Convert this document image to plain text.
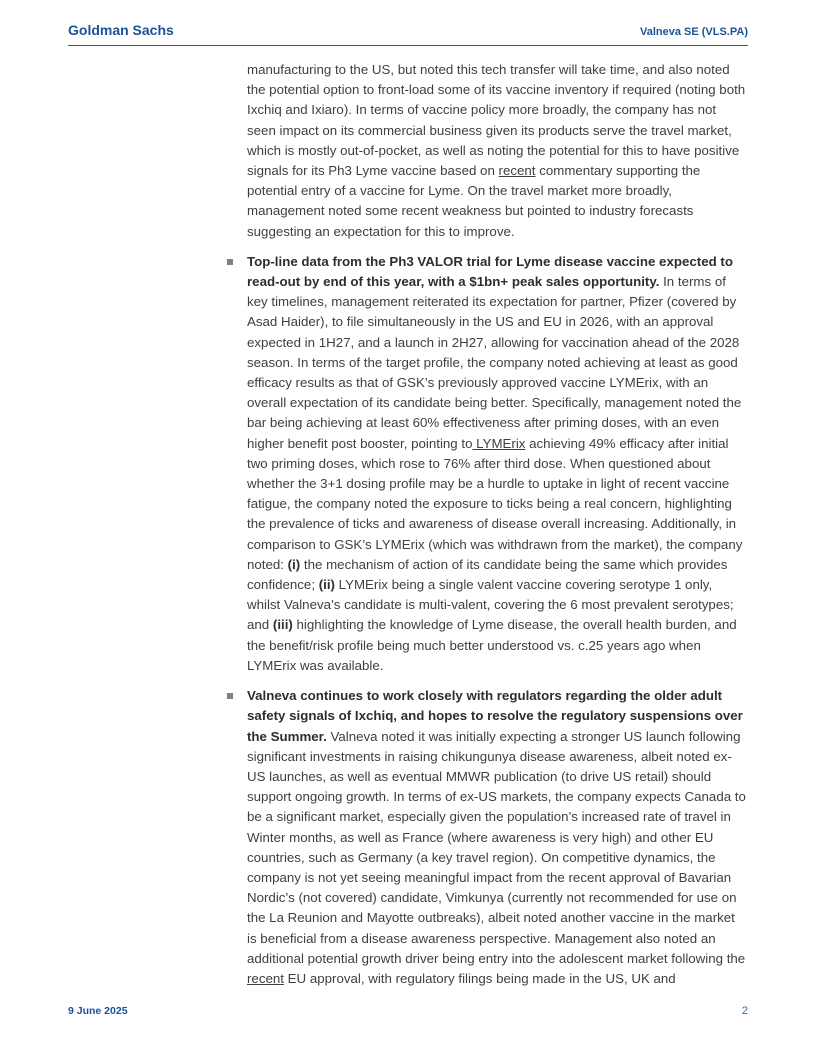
Goldman Sachs	Valneva SE (VLS.PA)

manufacturing to the US, but noted this tech transfer will take time, and also noted the potential option to front-load some of its vaccine inventory if required (noting both Ixchiq and Ixiaro). In terms of vaccine policy more broadly, the company has not seen impact on its commercial business given its products serve the travel market, which is mostly out-of-pocket, as well as noting the potential for this to have positive signals for its Ph3 Lyme vaccine based on recent commentary supporting the potential entry of a vaccine for Lyme. On the travel market more broadly, management noted some recent weakness but pointed to industry forecasts suggesting an expectation for this to improve.

Top-line data from the Ph3 VALOR trial for Lyme disease vaccine expected to read-out by end of this year, with a $1bn+ peak sales opportunity. In terms of key timelines, management reiterated its expectation for partner, Pfizer (covered by Asad Haider), to file simultaneously in the US and EU in 2026, with an approval expected in 1H27, and a launch in 2H27, allowing for vaccination ahead of the 2028 season. In terms of the target profile, the company noted achieving at least as good efficacy results as that of GSK’s previously approved vaccine LYMErix, with an overall expectation of its candidate being better. Specifically, management noted the bar being achieving at least 60% effectiveness after priming doses, with an even higher benefit post booster, pointing to LYMErix achieving 49% efficacy after initial two priming doses, which rose to 76% after third dose. When questioned about whether the 3+1 dosing profile may be a hurdle to uptake in light of recent vaccine fatigue, the company noted the exposure to ticks being a real concern, highlighting the prevalence of ticks and awareness of disease overall increasing. Additionally, in comparison to GSK’s LYMErix (which was withdrawn from the market), the company noted: (i) the mechanism of action of its candidate being the same which provides confidence; (ii) LYMErix being a single valent vaccine covering serotype 1 only, whilst Valneva’s candidate is multi-valent, covering the 6 most prevalent serotypes; and (iii) highlighting the knowledge of Lyme disease, the overall health burden, and the benefit/risk profile being much better understood vs. c.25 years ago when LYMErix was available.

Valneva continues to work closely with regulators regarding the older adult safety signals of Ixchiq, and hopes to resolve the regulatory suspensions over the Summer. Valneva noted it was initially expecting a stronger US launch following significant investments in raising chikungunya disease awareness, albeit noted ex-US launches, as well as eventual MMWR publication (to drive US retail) should support ongoing growth. In terms of ex-US markets, the company expects Canada to be a significant market, especially given the population’s increased rate of travel in Winter months, as well as France (where awareness is very high) and other EU countries, such as Germany (a key travel region). On competitive dynamics, the company is not yet seeing meaningful impact from the recent approval of Bavarian Nordic’s (not covered) candidate, Vimkunya (currently not recommended for use on the La Reunion and Mayotte outbreaks), albeit noted another vaccine in the market is beneficial from a disease awareness perspective. Management also noted an additional potential growth driver being entry into the adolescent market following the recent EU approval, with regulatory filings being made in the US, UK and

9 June 2025	2
